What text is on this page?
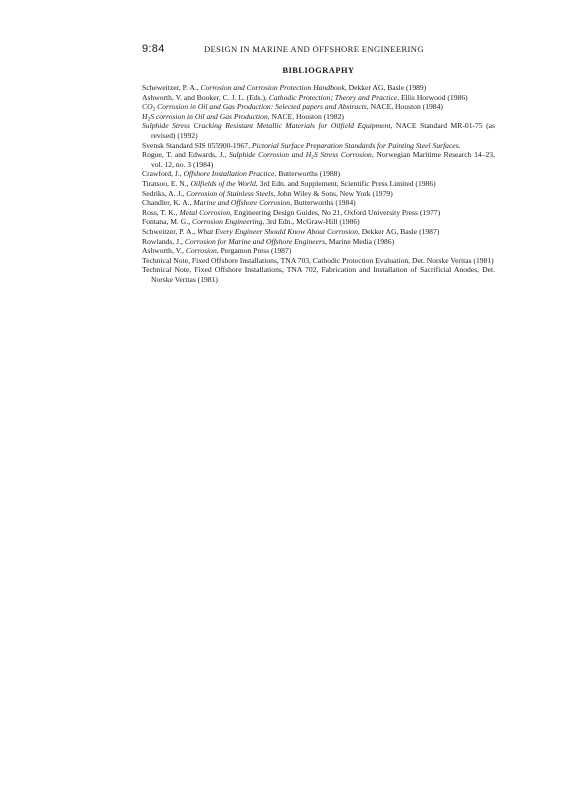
9:84	DESIGN IN MARINE AND OFFSHORE ENGINEERING
BIBLIOGRAPHY
Scheweitzer, P. A., Corrosion and Corrosion Protection Handbook, Dekker AG, Basle (1989)
Ashworth, V. and Booker, C. J. L. (Eds.), Cathodic Protection; Theory and Practice, Ellis Horwood (1986)
$CO_2$ Corrosion in Oil and Gas Production: Selected papers and Abstracts, NACE, Houston (1984)
$H_2S$ corrosion in Oil and Gas Production, NACE, Houston (1982)
Sulphide Stress Cracking Resistant Metallic Materials for Oilfield Equipment, NACE Standard MR-01-75 (as revised) (1992)
Svensk Standard SIS 055900-1967, Pictorial Surface Preparation Standards for Painting Steel Surfaces.
Rogue, T. and Edwards, J., Sulphide Corrosion and $H_2S$ Stress Corrosion, Norwegian Maritime Research 14–23, vol. 12, no. 3 (1984)
Crawford, J., Offshore Installation Practice, Butterworths (1988)
Tiratsoo, E. N., Oilfields of the World, 3rd Edn. and Supplement, Scientific Press Limited (1986)
Sedriks, A. J., Corrosion of Stainless Steels, John Wiley & Sons, New York (1979)
Chandler, K. A., Marine and Offshore Corrosion, Butterworths (1984)
Ross, T. K., Metal Corrosion, Engineering Design Guides, No 21, Oxford University Press (1977)
Fontana, M. G., Corrosion Engineering, 3rd Edn., McGraw-Hill (1986)
Schweitzer, P. A., What Every Engineer Should Know About Corrosion, Dekker AG, Basle (1987)
Rowlands, J., Corrosion for Marine and Offshore Engineers, Marine Media (1986)
Ashworth, V., Corrosion, Pergamon Press (1987)
Technical Note, Fixed Offshore Installations, TNA 703, Cathodic Protection Evaluation, Det. Norske Veritas (1981)
Technical Note, Fixed Offshore Installations, TNA 702, Fabrication and Installation of Sacrificial Anodes, Det. Norske Veritas (1981)
